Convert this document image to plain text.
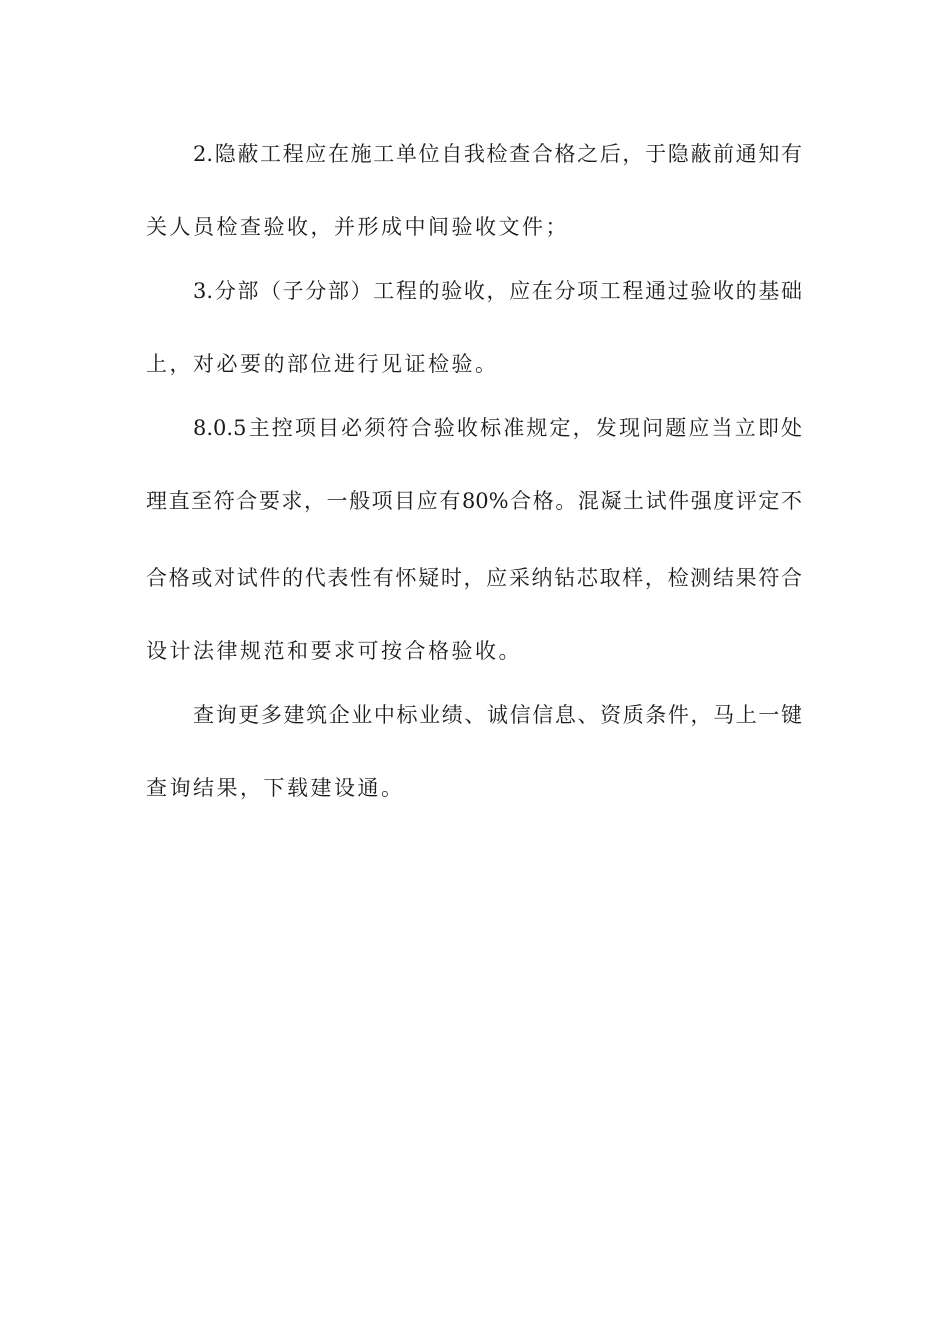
2.隐蔽工程应在施工单位自我检查合格之后，于隐蔽前通知有
关人员检查验收，并形成中间验收文件；
3.分部（子分部）工程的验收，应在分项工程通过验收的基础
上，对必要的部位进行见证检验。
8.0.5主控项目必须符合验收标准规定，发现问题应当立即处
理直至符合要求，一般项目应有80%合格。混凝土试件强度评定不
合格或对试件的代表性有怀疑时，应采纳钻芯取样，检测结果符合
设计法律规范和要求可按合格验收。
查询更多建筑企业中标业绩、诚信信息、资质条件，马上一键
查询结果，下载建设通。
